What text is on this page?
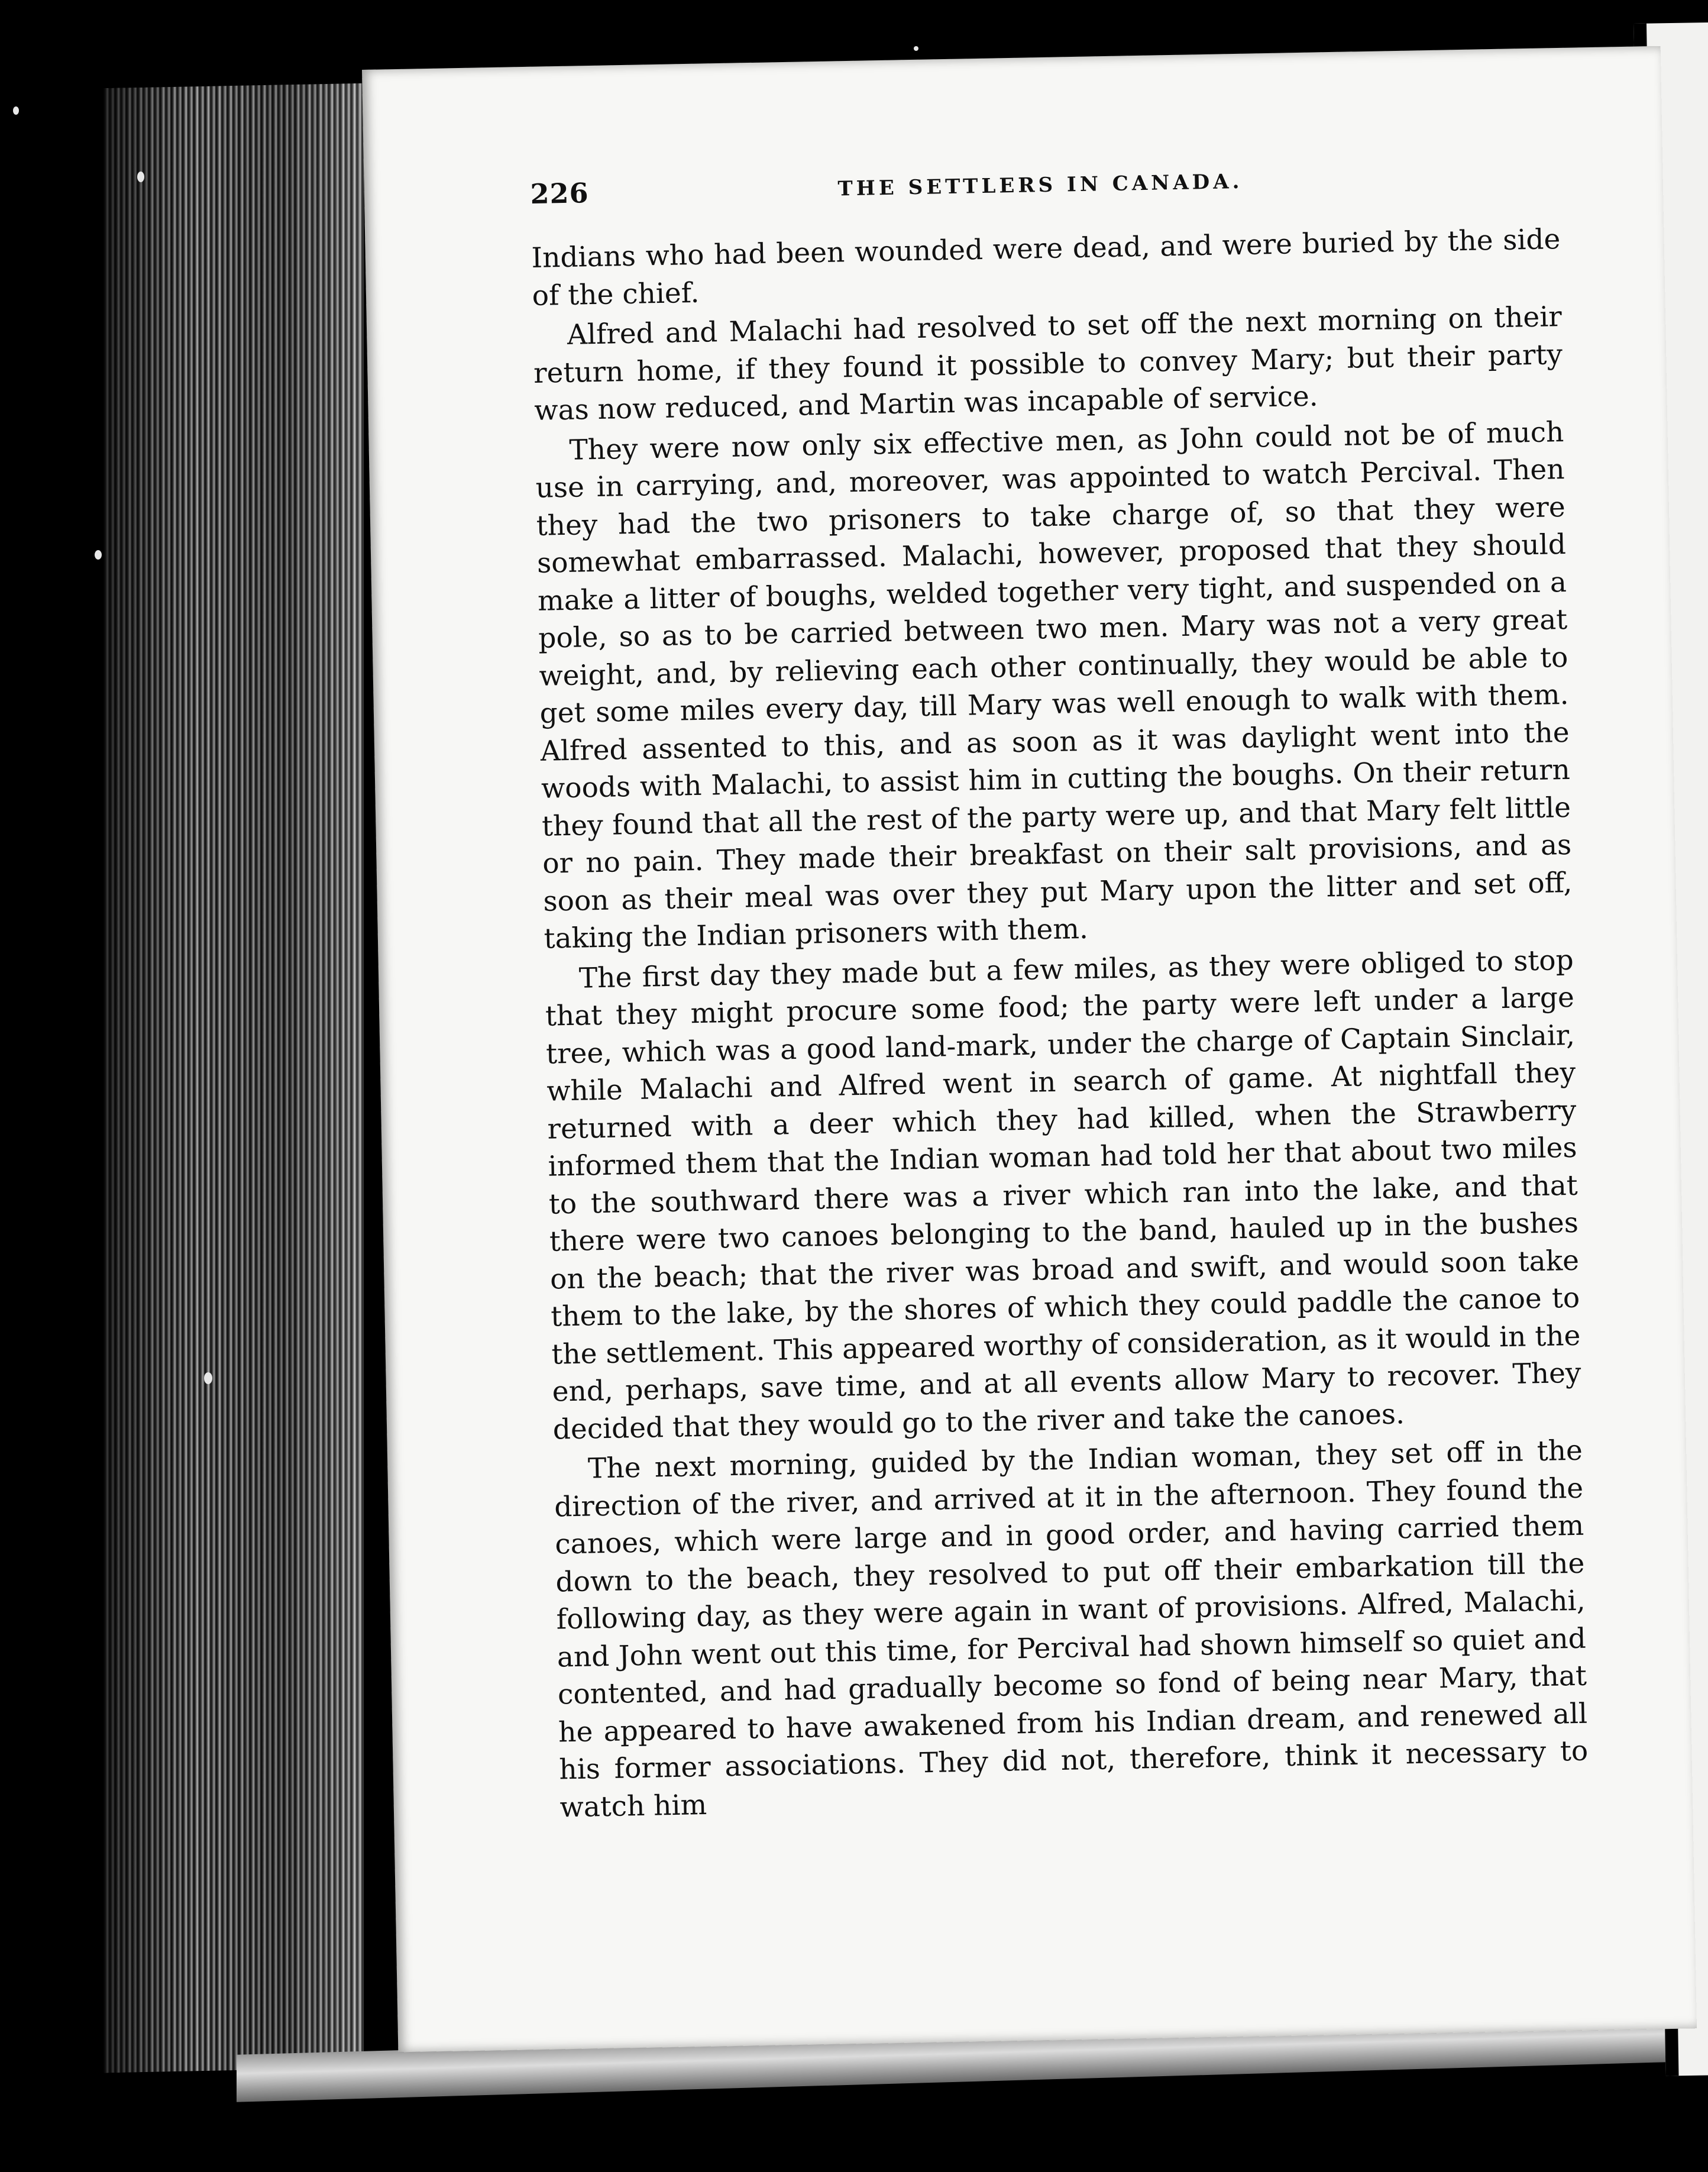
226	THE SETTLERS IN CANADA.

Indians who had been wounded were dead, and were buried by the side of the chief.

Alfred and Malachi had resolved to set off the next morning on their return home, if they found it possible to convey Mary; but their party was now reduced, and Martin was incapable of service.

They were now only six effective men, as John could not be of much use in carrying, and, moreover, was appointed to watch Percival. Then they had the two prisoners to take charge of, so that they were somewhat embarrassed. Malachi, however, proposed that they should make a litter of boughs, welded together very tight, and suspended on a pole, so as to be carried between two men. Mary was not a very great weight, and, by relieving each other continually, they would be able to get some miles every day, till Mary was well enough to walk with them. Alfred assented to this, and as soon as it was daylight went into the woods with Malachi, to assist him in cutting the boughs. On their return they found that all the rest of the party were up, and that Mary felt little or no pain. They made their breakfast on their salt provisions, and as soon as their meal was over they put Mary upon the litter and set off, taking the Indian prisoners with them.

The first day they made but a few miles, as they were obliged to stop that they might procure some food; the party were left under a large tree, which was a good land-mark, under the charge of Captain Sinclair, while Malachi and Alfred went in search of game. At nightfall they returned with a deer which they had killed, when the Strawberry informed them that the Indian woman had told her that about two miles to the southward there was a river which ran into the lake, and that there were two canoes belonging to the band, hauled up in the bushes on the beach; that the river was broad and swift, and would soon take them to the lake, by the shores of which they could paddle the canoe to the settlement. This appeared worthy of consideration, as it would in the end, perhaps, save time, and at all events allow Mary to recover. They decided that they would go to the river and take the canoes.

The next morning, guided by the Indian woman, they set off in the direction of the river, and arrived at it in the afternoon. They found the canoes, which were large and in good order, and having carried them down to the beach, they resolved to put off their embarkation till the following day, as they were again in want of provisions. Alfred, Malachi, and John went out this time, for Percival had shown himself so quiet and contented, and had gradually become so fond of being near Mary, that he appeared to have awakened from his Indian dream, and renewed all his former associations. They did not, therefore, think it necessary to watch him
